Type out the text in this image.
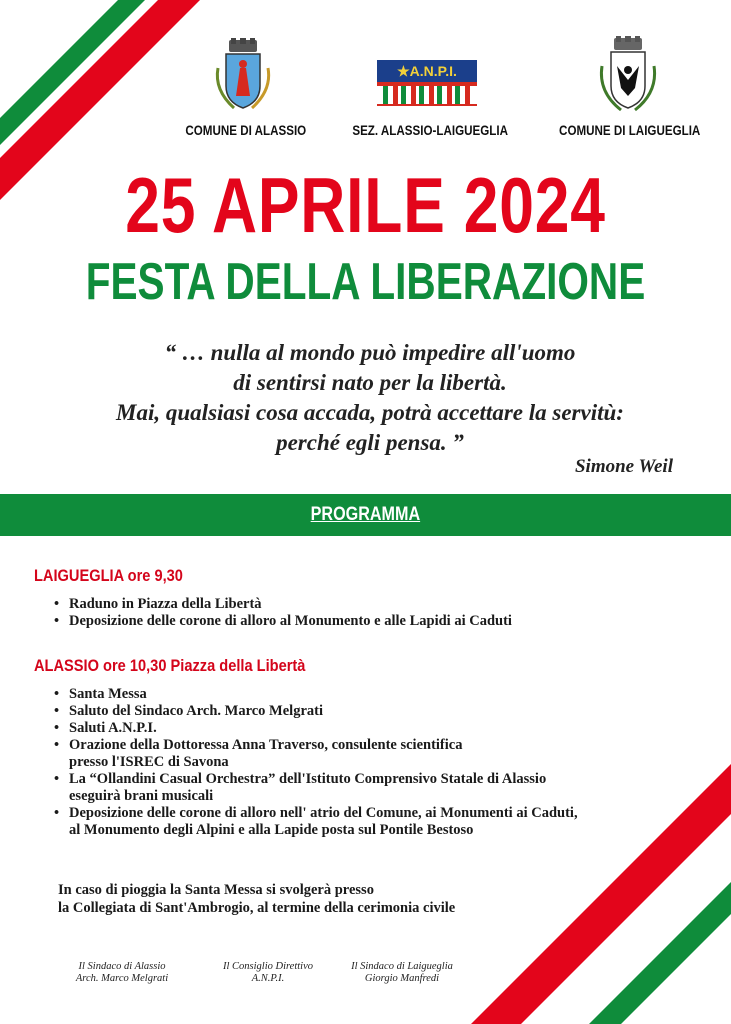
★A.N.P.I.
COMUNE DI ALASSIO	SEZ. ALASSIO-LAIGUEGLIA	COMUNE DI LAIGUEGLIA
25 APRILE 2024
FESTA DELLA LIBERAZIONE
“ … nulla al mondo può impedire all'uomo
di sentirsi nato per la libertà.
Mai, qualsiasi cosa accada, potrà accettare la servitù:
perché egli pensa. ”
Simone Weil
PROGRAMMA
LAIGUEGLIA ore 9,30
• Raduno in Piazza della Libertà
• Deposizione delle corone di alloro al Monumento e alle Lapidi ai Caduti
ALASSIO ore 10,30 Piazza della Libertà
• Santa Messa
• Saluto del Sindaco Arch. Marco Melgrati
• Saluti A.N.P.I.
• Orazione della Dottoressa Anna Traverso, consulente scientifica
presso l'ISREC di Savona
• La “Ollandini Casual Orchestra” dell'Istituto Comprensivo Statale di Alassio
eseguirà brani musicali
• Deposizione delle corone di alloro nell' atrio del Comune, ai Monumenti ai Caduti,
al Monumento degli Alpini e alla Lapide posta sul Pontile Bestoso
In caso di pioggia la Santa Messa si svolgerà presso
la Collegiata di Sant'Ambrogio, al termine della cerimonia civile
Il Sindaco di Alassio
Arch. Marco Melgrati
Il Consiglio Direttivo
A.N.P.I.
Il Sindaco di Laigueglia
Giorgio Manfredi
